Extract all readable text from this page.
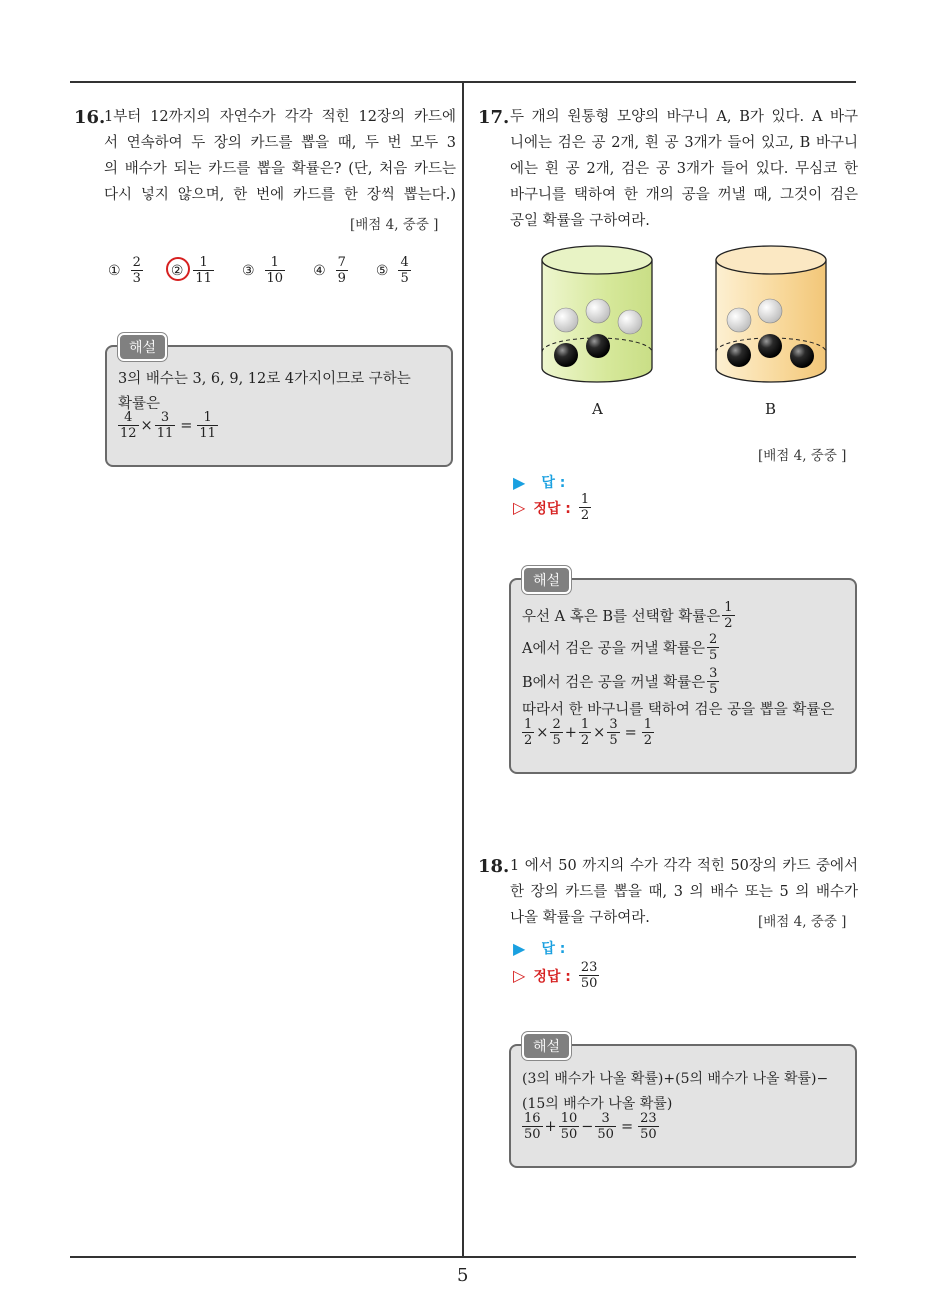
16.
1부터 12까지의 자연수가 각각 적힌 12장의 카드에
서 연속하여 두 장의 카드를 뽑을 때, 두 번 모두 3
의 배수가 되는 카드를 뽑을 확률은? (단, 처음 카드는
다시 넣지 않으며, 한 번에 카드를 한 장씩 뽑는다.)
[배점 4, 중중 ]
① $\frac{2}{3}$ ② $\frac{1}{11}$ ③ $\frac{1}{10}$ ④ $\frac{7}{9}$ ⑤ $\frac{4}{5}$
해설
3의 배수는 3, 6, 9, 12로 4가지이므로 구하는
확률은
$\frac{4}{12} \times \frac{3}{11} = \frac{1}{11}$
17. 두 개의 원통형 모양의 바구니 A, B가 있다. A 바구
니에는 검은 공 2개, 흰 공 3개가 들어 있고, B 바구니
에는 흰 공 2개, 검은 공 3개가 들어 있다. 무심코 한
바구니를 택하여 한 개의 공을 꺼낼 때, 그것이 검은
공일 확률을 구하여라.
A	B
[배점 4, 중중 ]
▶ 답 :
▷ 정답 : $\frac{1}{2}$
해설
우선 A 혹은 B를 선택할 확률은 $\frac{1}{2}$
A에서 검은 공을 꺼낼 확률은 $\frac{2}{5}$
B에서 검은 공을 꺼낼 확률은 $\frac{3}{5}$
따라서 한 바구니를 택하여 검은 공을 뽑을 확률은
$\frac{1}{2} \times \frac{2}{5} + \frac{1}{2} \times \frac{3}{5} = \frac{1}{2}$
18. 1 에서 50 까지의 수가 각각 적힌 50장의 카드 중에서
한 장의 카드를 뽑을 때, 3 의 배수 또는 5 의 배수가
나올 확률을 구하여라.	[배점 4, 중중 ]
▶ 답 :
▷ 정답 : $\frac{23}{50}$
해설
(3의 배수가 나올 확률)+(5의 배수가 나올 확률)−
(15의 배수가 나올 확률)
$\frac{16}{50} + \frac{10}{50} - \frac{3}{50} = \frac{23}{50}$
5
